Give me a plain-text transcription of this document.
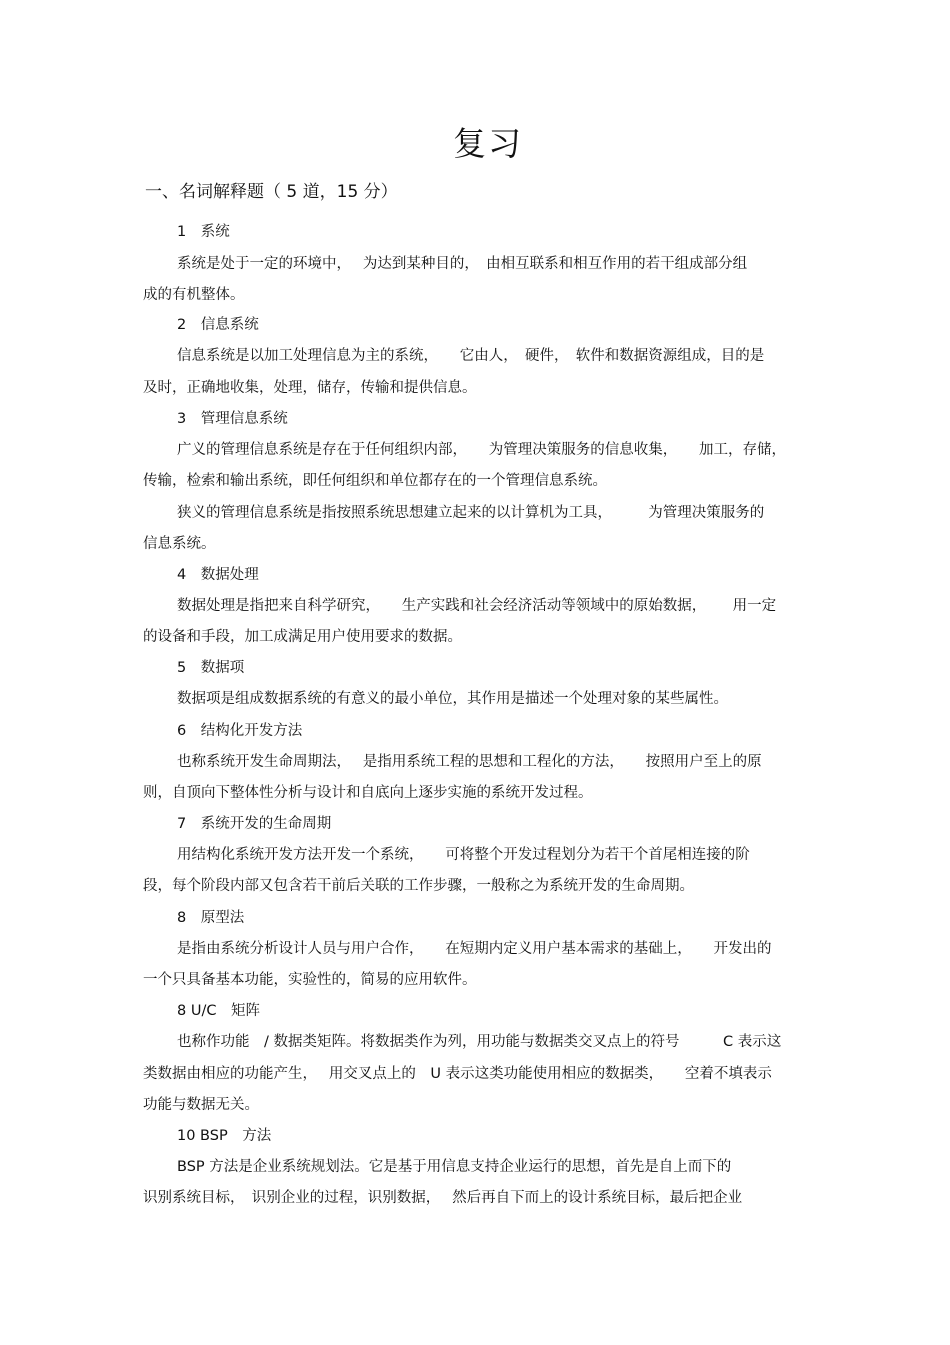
复习
一、名词解释题（ 5 道，15 分）
1　系统
系统是处于一定的环境中，　 为达到某种目的，　由相互联系和相互作用的若干组成部分组
成的有机整体。
2　信息系统
信息系统是以加工处理信息为主的系统，　　它由人，　硬件，　软件和数据资源组成，目的是
及时，正确地收集，处理，储存，传输和提供信息。
3　管理信息系统
广义的管理信息系统是存在于任何组织内部，　　为管理决策服务的信息收集，　　加工，存储，
传输，检索和输出系统，即任何组织和单位都存在的一个管理信息系统。
狭义的管理信息系统是指按照系统思想建立起来的以计算机为工具，　　　为管理决策服务的
信息系统。
4　数据处理
数据处理是指把来自科学研究，　　生产实践和社会经济活动等领域中的原始数据，　　 用一定
的设备和手段，加工成满足用户使用要求的数据。
5　数据项
数据项是组成数据系统的有意义的最小单位，其作用是描述一个处理对象的某些属性。
6　结构化开发方法
也称系统开发生命周期法，　 是指用系统工程的思想和工程化的方法，　　按照用户至上的原
则，自顶向下整体性分析与设计和自底向上逐步实施的系统开发过程。
7　系统开发的生命周期
用结构化系统开发方法开发一个系统，　　可将整个开发过程划分为若干个首尾相连接的阶
段，每个阶段内部又包含若干前后关联的工作步骤，一般称之为系统开发的生命周期。
8　原型法
是指由系统分析设计人员与用户合作，　　在短期内定义用户基本需求的基础上，　　开发出的
一个只具备基本功能，实验性的，简易的应用软件。
8 U/C　矩阵
也称作功能　/ 数据类矩阵。将数据类作为列，用功能与数据类交叉点上的符号　　　C 表示这
类数据由相应的功能产生，　 用交叉点上的　U 表示这类功能使用相应的数据类，　　空着不填表示
功能与数据无关。
10 BSP　方法
BSP 方法是企业系统规划法。它是基于用信息支持企业运行的思想，首先是自上而下的
识别系统目标，　识别企业的过程，识别数据，　 然后再自下而上的设计系统目标，最后把企业
